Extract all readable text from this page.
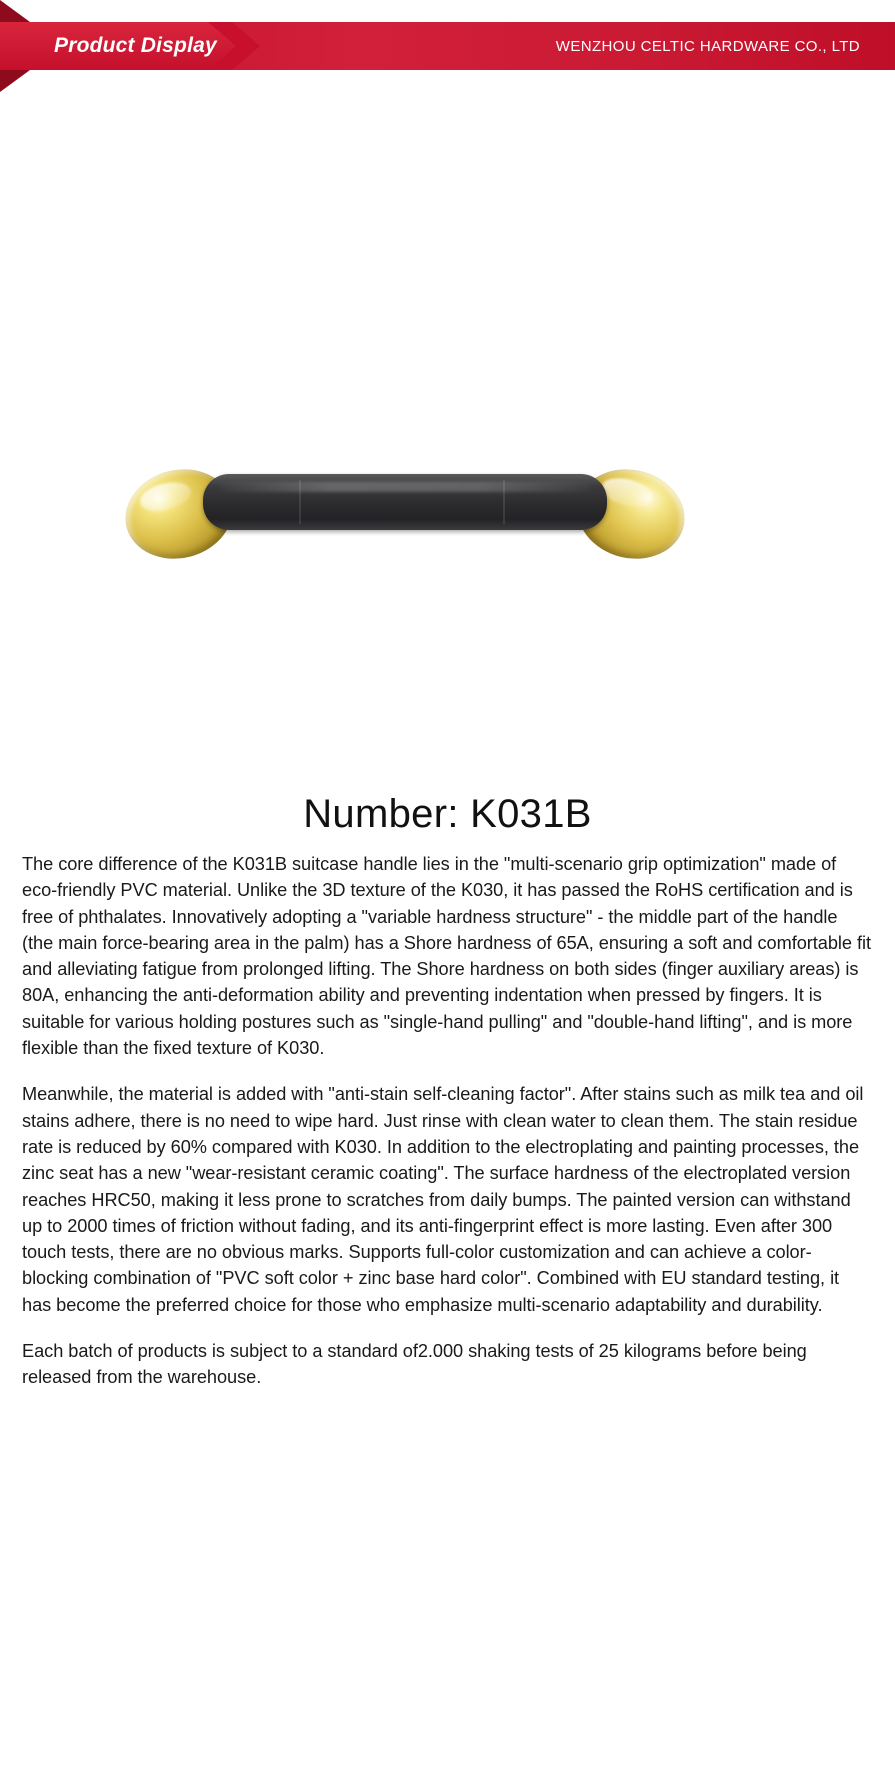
Product Display	WENZHOU CELTIC HARDWARE CO., LTD
Number: K031B

The core difference of the K031B suitcase handle lies in the "multi-scenario grip optimization" made of eco-friendly PVC material. Unlike the 3D texture of the K030, it has passed the RoHS certification and is free of phthalates. Innovatively adopting a "variable hardness structure" - the middle part of the handle (the main force-bearing area in the palm) has a Shore hardness of 65A, ensuring a soft and comfortable fit and alleviating fatigue from prolonged lifting. The Shore hardness on both sides (finger auxiliary areas) is 80A, enhancing the anti-deformation ability and preventing indentation when pressed by fingers. It is suitable for various holding postures such as "single-hand pulling" and "double-hand lifting", and is more flexible than the fixed texture of K030.

Meanwhile, the material is added with "anti-stain self-cleaning factor". After stains such as milk tea and oil stains adhere, there is no need to wipe hard. Just rinse with clean water to clean them. The stain residue rate is reduced by 60% compared with K030. In addition to the electroplating and painting processes, the zinc seat has a new "wear-resistant ceramic coating". The surface hardness of the electroplated version reaches HRC50, making it less prone to scratches from daily bumps. The painted version can withstand up to 2000 times of friction without fading, and its anti-fingerprint effect is more lasting. Even after 300 touch tests, there are no obvious marks. Supports full-color customization and can achieve a color-blocking combination of "PVC soft color + zinc base hard color". Combined with EU standard testing, it has become the preferred choice for those who emphasize multi-scenario adaptability and durability.

Each batch of products is subject to a standard of2.000 shaking tests of 25 kilograms before being released from the warehouse.
